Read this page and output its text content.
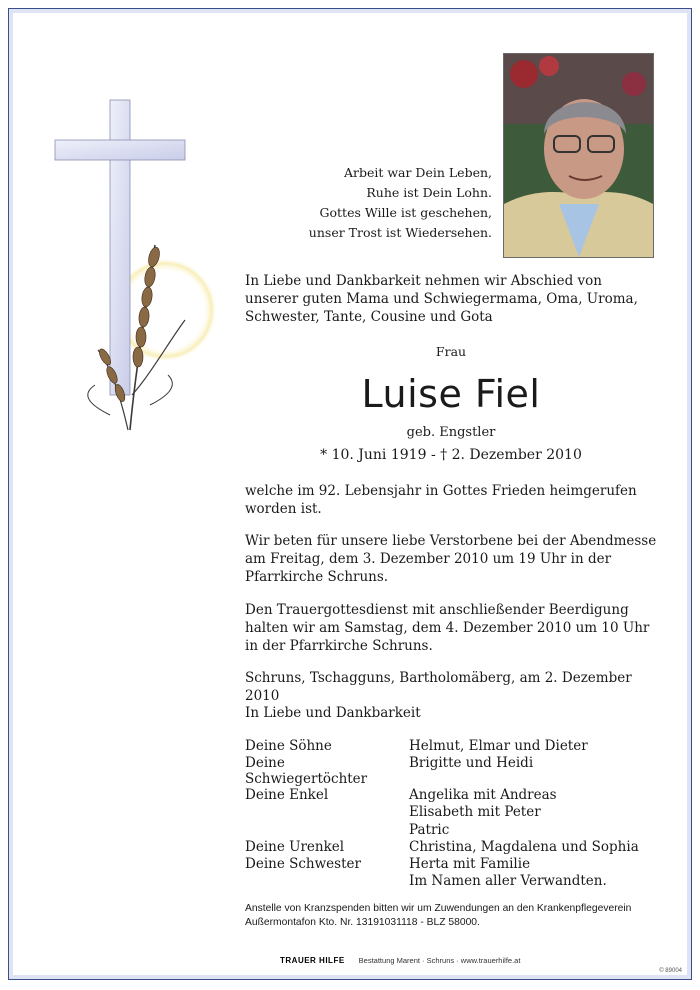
Arbeit war Dein Leben,
Ruhe ist Dein Lohn.
Gottes Wille ist geschehen,
unser Trost ist Wiedersehen.
In Liebe und Dankbarkeit nehmen wir Abschied von unserer guten Mama und Schwiegermama, Oma, Uroma, Schwester, Tante, Cousine und Gota
Frau
Luise Fiel
geb. Engstler
* 10. Juni 1919 - † 2. Dezember 2010
welche im 92. Lebensjahr in Gottes Frieden heimgerufen worden ist.
Wir beten für unsere liebe Verstorbene bei der Abendmesse am Freitag, dem 3. Dezember 2010 um 19 Uhr in der Pfarrkirche Schruns.
Den Trauergottesdienst mit anschließender Beerdigung halten wir am Samstag, dem 4. Dezember 2010 um 10 Uhr in der Pfarrkirche Schruns.
Schruns, Tschagguns, Bartholomäberg, am 2. Dezember 2010
In Liebe und Dankbarkeit
Deine Söhne	Helmut, Elmar und Dieter
Deine Schwiegertöchter	Brigitte und Heidi
Deine Enkel	Angelika mit Andreas
	Elisabeth mit Peter
	Patric
Deine Urenkel	Christina, Magdalena und Sophia
Deine Schwester	Herta mit Familie
	Im Namen aller Verwandten.
Anstelle von Kranzspenden bitten wir um Zuwendungen an den Krankenpflegeverein Außermontafon Kto. Nr. 13191031118 - BLZ 58000.
TRAUER HILFE Bestattung Marent · Schruns · www.trauerhilfe.at
© 89004
